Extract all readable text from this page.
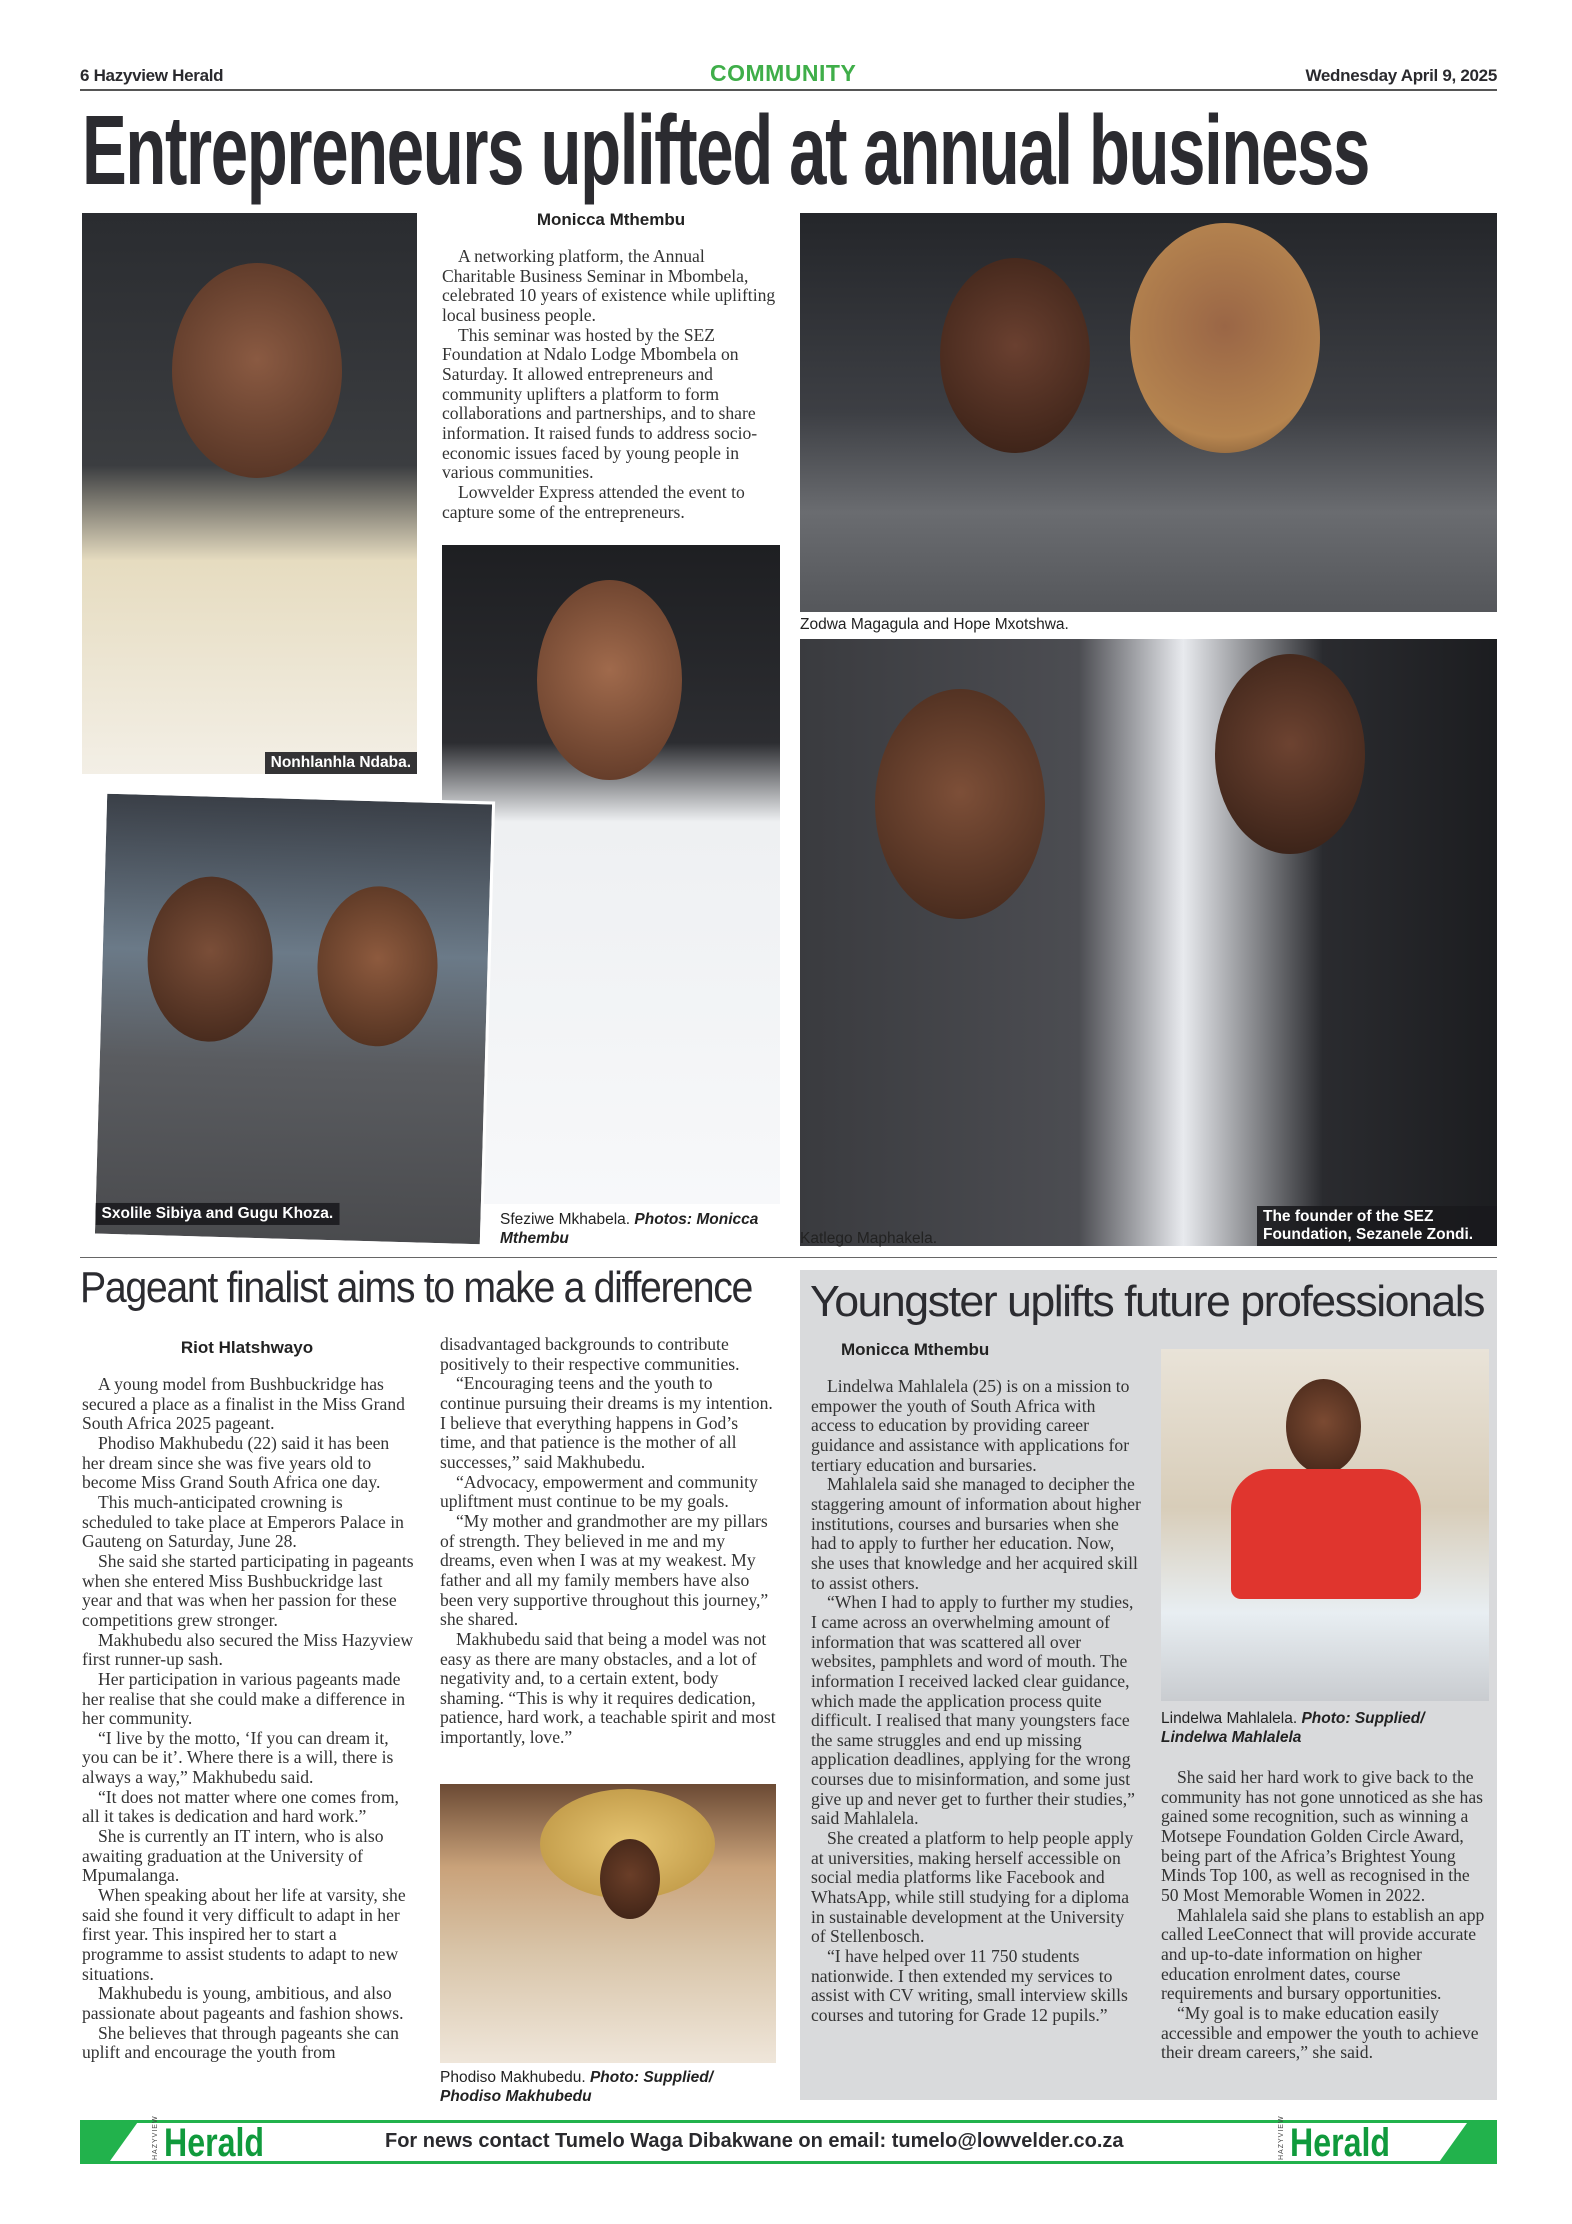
6 Hazyview Herald	COMMUNITY	Wednesday April 9, 2025
Entrepreneurs uplifted at annual business
Nonhlanhla Ndaba.
Monicca Mthembu

A networking platform, the Annual Charitable Business Seminar in Mbombela, celebrated 10 years of existence while uplifting local business people.

This seminar was hosted by the SEZ Foundation at Ndalo Lodge Mbombela on Saturday. It allowed entrepreneurs and community uplifters a platform to form collaborations and partnerships, and to share information. It raised funds to address socio-economic issues faced by young people in various communities.

Lowvelder Express attended the event to capture some of the entrepreneurs.

Sxolile Sibiya and Gugu Khoza.	Sfeziwe Mkhabela. Photos: Monicca Mthembu
Zodwa Magagula and Hope Mxotshwa.
The founder of the SEZ Foundation, Sezanele Zondi.
Katlego Maphakela.
Pageant finalist aims to make a difference
Riot Hlatshwayo

A young model from Bushbuckridge has secured a place as a finalist in the Miss Grand South Africa 2025 pageant.

Phodiso Makhubedu (22) said it has been her dream since she was five years old to become Miss Grand South Africa one day.

This much-anticipated crowning is scheduled to take place at Emperors Palace in Gauteng on Saturday, June 28.

She said she started participating in pageants when she entered Miss Bushbuckridge last year and that was when her passion for these competitions grew stronger.

Makhubedu also secured the Miss Hazyview first runner-up sash.

Her participation in various pageants made her realise that she could make a difference in her community.

“I live by the motto, ‘If you can dream it, you can be it’. Where there is a will, there is always a way,” Makhubedu said.

“It does not matter where one comes from, all it takes is dedication and hard work.”

She is currently an IT intern, who is also awaiting graduation at the University of Mpumalanga.

When speaking about her life at varsity, she said she found it very difficult to adapt in her first year. This inspired her to start a programme to assist students to adapt to new situations.

Makhubedu is young, ambitious, and also passionate about pageants and fashion shows.

She believes that through pageants she can uplift and encourage the youth from

disadvantaged backgrounds to contribute positively to their respective communities.

“Encouraging teens and the youth to continue pursuing their dreams is my intention. I believe that everything happens in God’s time, and that patience is the mother of all successes,” said Makhubedu.

“Advocacy, empowerment and community upliftment must continue to be my goals.

“My mother and grandmother are my pillars of strength. They believed in me and my dreams, even when I was at my weakest. My father and all my family members have also been very supportive throughout this journey,” she shared.

Makhubedu said that being a model was not easy as there are many obstacles, and a lot of negativity and, to a certain extent, body shaming. “This is why it requires dedication, patience, hard work, a teachable spirit and most importantly, love.”

Phodiso Makhubedu. Photo: Supplied/ Phodiso Makhubedu
Youngster uplifts future professionals
Monicca Mthembu

Lindelwa Mahlalela (25) is on a mission to empower the youth of South Africa with access to education by providing career guidance and assistance with applications for tertiary education and bursaries.

Mahlalela said she managed to decipher the staggering amount of information about higher institutions, courses and bursaries when she had to apply to further her education. Now, she uses that knowledge and her acquired skill to assist others.

“When I had to apply to further my studies, I came across an overwhelming amount of information that was scattered all over websites, pamphlets and word of mouth. The information I received lacked clear guidance, which made the application process quite difficult. I realised that many youngsters face the same struggles and end up missing application deadlines, applying for the wrong courses due to misinformation, and some just give up and never get to further their studies,” said Mahlalela.

She created a platform to help people apply at universities, making herself accessible on social media platforms like Facebook and WhatsApp, while still studying for a diploma in sustainable development at the University of Stellenbosch.

“I have helped over 11 750 students nationwide. I then extended my services to assist with CV writing, small interview skills courses and tutoring for Grade 12 pupils.”

Lindelwa Mahlalela. Photo: Supplied/ Lindelwa Mahlalela

She said her hard work to give back to the community has not gone unnoticed as she has gained some recognition, such as winning a Motsepe Foundation Golden Circle Award, being part of the Africa’s Brightest Young Minds Top 100, as well as recognised in the 50 Most Memorable Women in 2022.

Mahlalela said she plans to establish an app called LeeConnect that will provide accurate and up-to-date information on higher education enrolment dates, course requirements and bursary opportunities.

“My goal is to make education easily accessible and empower the youth to achieve their dream careers,” she said.

HAZYVIEW Herald	For news contact Tumelo Waga Dibakwane on email: tumelo@lowvelder.co.za	HAZYVIEW Herald
